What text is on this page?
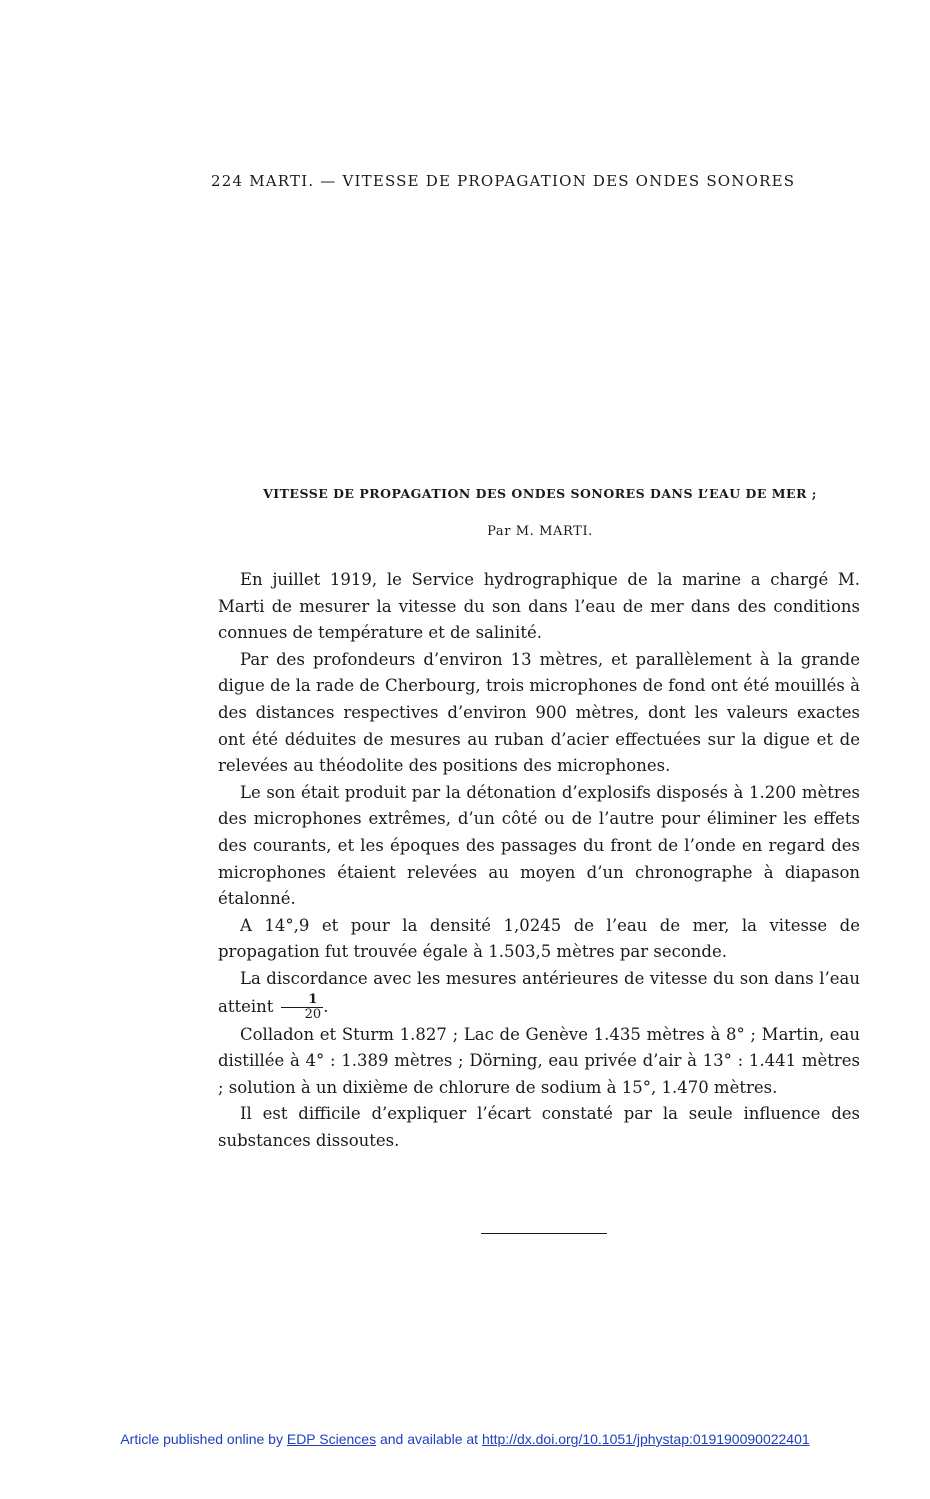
224 MARTI. — VITESSE DE PROPAGATION DES ONDES SONORES
VITESSE DE PROPAGATION DES ONDES SONORES DANS L’EAU DE MER ;
Par M. MARTI.

En juillet 1919, le Service hydrographique de la marine a chargé M. Marti de mesurer la vitesse du son dans l’eau de mer dans des conditions connues de température et de salinité.

Par des profondeurs d’environ 13 mètres, et parallèlement à la grande digue de la rade de Cherbourg, trois microphones de fond ont été mouillés à des distances respectives d’environ 900 mètres, dont les valeurs exactes ont été déduites de mesures au ruban d’acier effectuées sur la digue et de relevées au théodolite des positions des microphones.

Le son était produit par la détonation d’explosifs disposés à 1.200 mètres des microphones extrêmes, d’un côté ou de l’autre pour éliminer les effets des courants, et les époques des passages du front de l’onde en regard des microphones étaient relevées au moyen d’un chronographe à diapason étalonné.

A 14°,9 et pour la densité 1,0245 de l’eau de mer, la vitesse de propagation fut trouvée égale à 1.503,5 mètres par seconde.

La discordance avec les mesures antérieures de vitesse du son dans l’eau atteint $\frac{1}{20}$ .

Colladon et Sturm 1.827 ; Lac de Genève 1.435 mètres à 8° ; Martin, eau distillée à 4° : 1.389 mètres ; Dörning, eau privée d’air à 13° : 1.441 mètres ; solution à un dixième de chlorure de sodium à 15°, 1.470 mètres.

Il est difficile d’expliquer l’écart constaté par la seule influence des substances dissoutes.

Article published online by EDP Sciences and available at http://dx.doi.org/10.1051/jphystap:019190090022401
